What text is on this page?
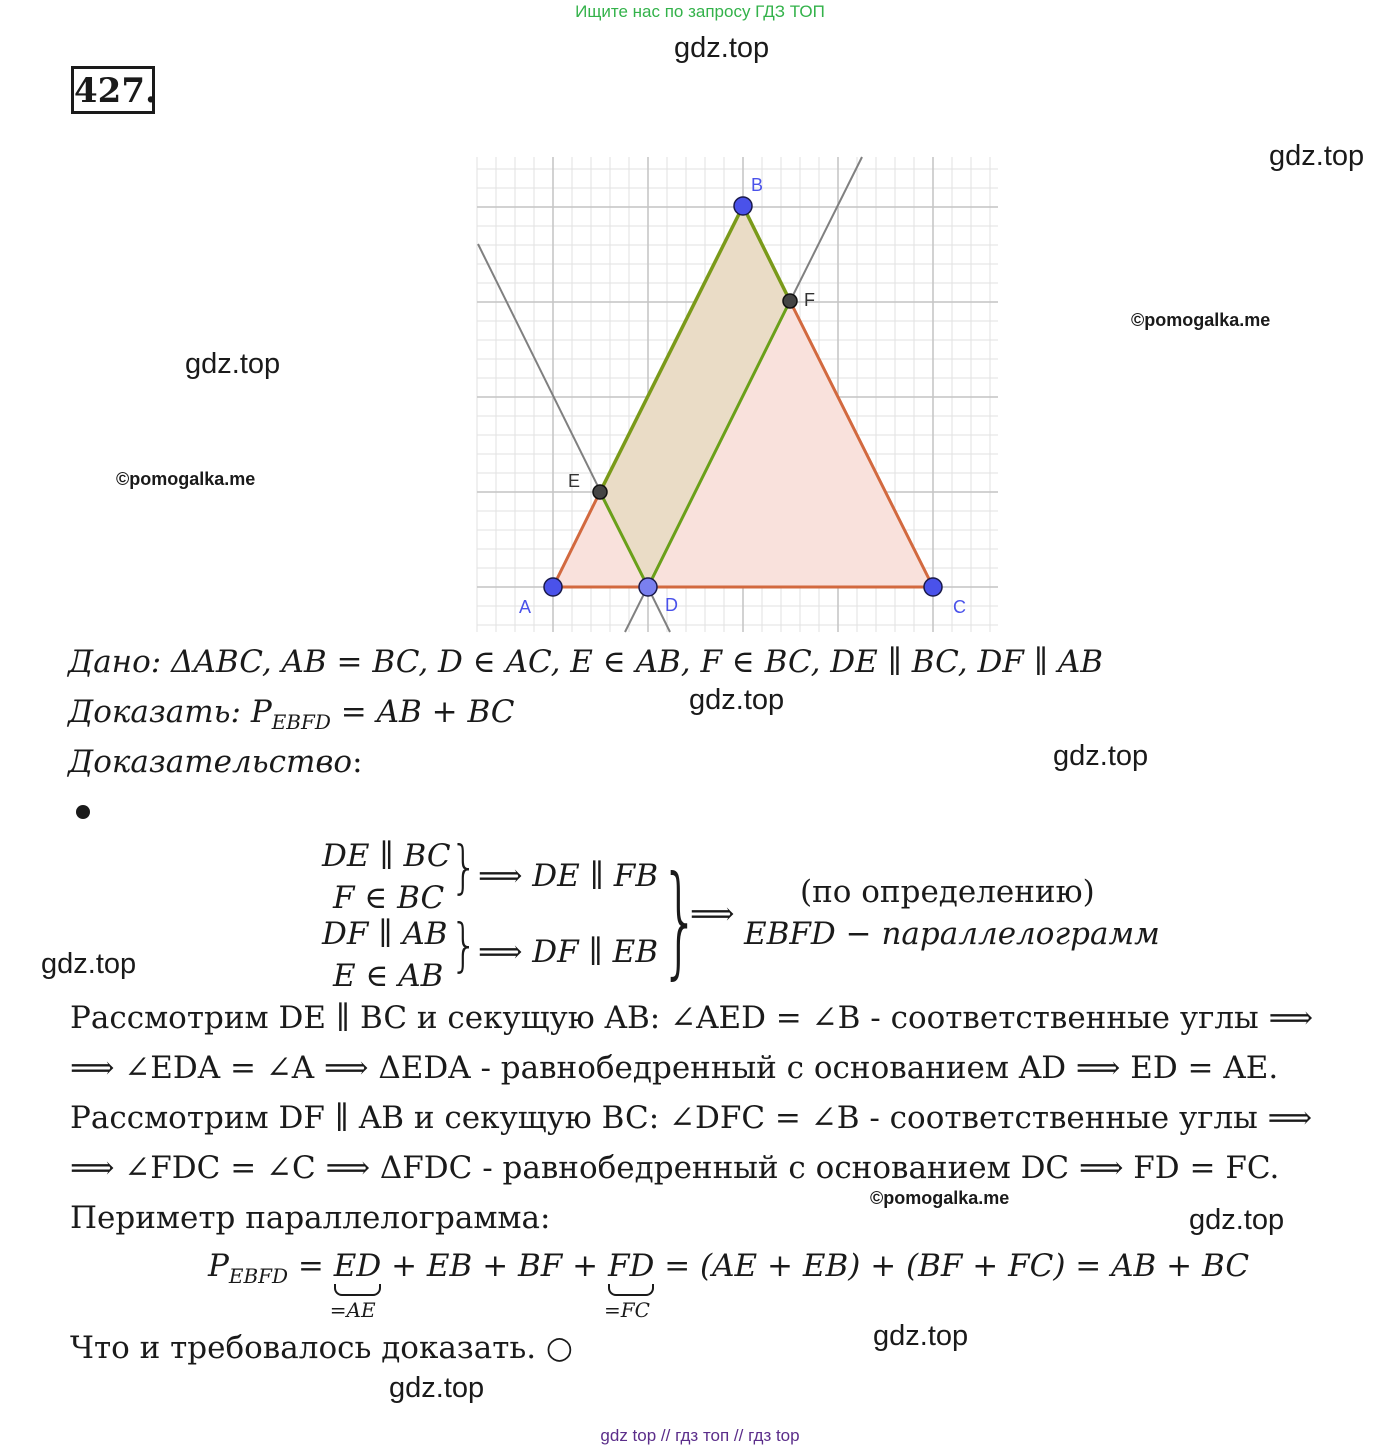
Ищите нас по запросу ГДЗ ТОП
gdz.top
gdz.top
gdz.top
gdz.top
gdz.top
gdz.top
gdz.top
gdz.top
gdz.top
©pomogalka.me
©pomogalka.me
©pomogalka.me
427.
A
B
C
D
E
F
Дано: ΔABC, AB = BC, D ∈ AC, E ∈ AB, F ∈ BC, DE ∥ BC, DF ∥ AB
Доказать: $P_{EBFD}$ = AB + BC
Доказательство:
DE ∥ BC
F ∈ BC } ⟹ DE ∥ FB
DF ∥ AB
E ∈ AB } ⟹ DF ∥ EB }
⟹
(по определению)
EBFD − параллелограмм
Рассмотрим DE ∥ BC и секущую AB: ∠AED = ∠B - соответственные углы ⟹
⟹ ∠EDA = ∠A ⟹ ΔEDA - равнобедренный с основанием AD ⟹ ED = AE.
Рассмотрим DF ∥ AB и секущую BC: ∠DFC = ∠B - соответственные углы ⟹
⟹ ∠FDC = ∠C ⟹ ΔFDC - равнобедренный с основанием DC ⟹ FD = FC.
Периметр параллелограмма:
$P_{EBFD}$ = ED
=AE
+ EB + BF + FD
=FC
= (AE + EB) + (BF + FC) = AB + BC
Что и требовалось доказать. ○
gdz top // гдз топ // гдз top
